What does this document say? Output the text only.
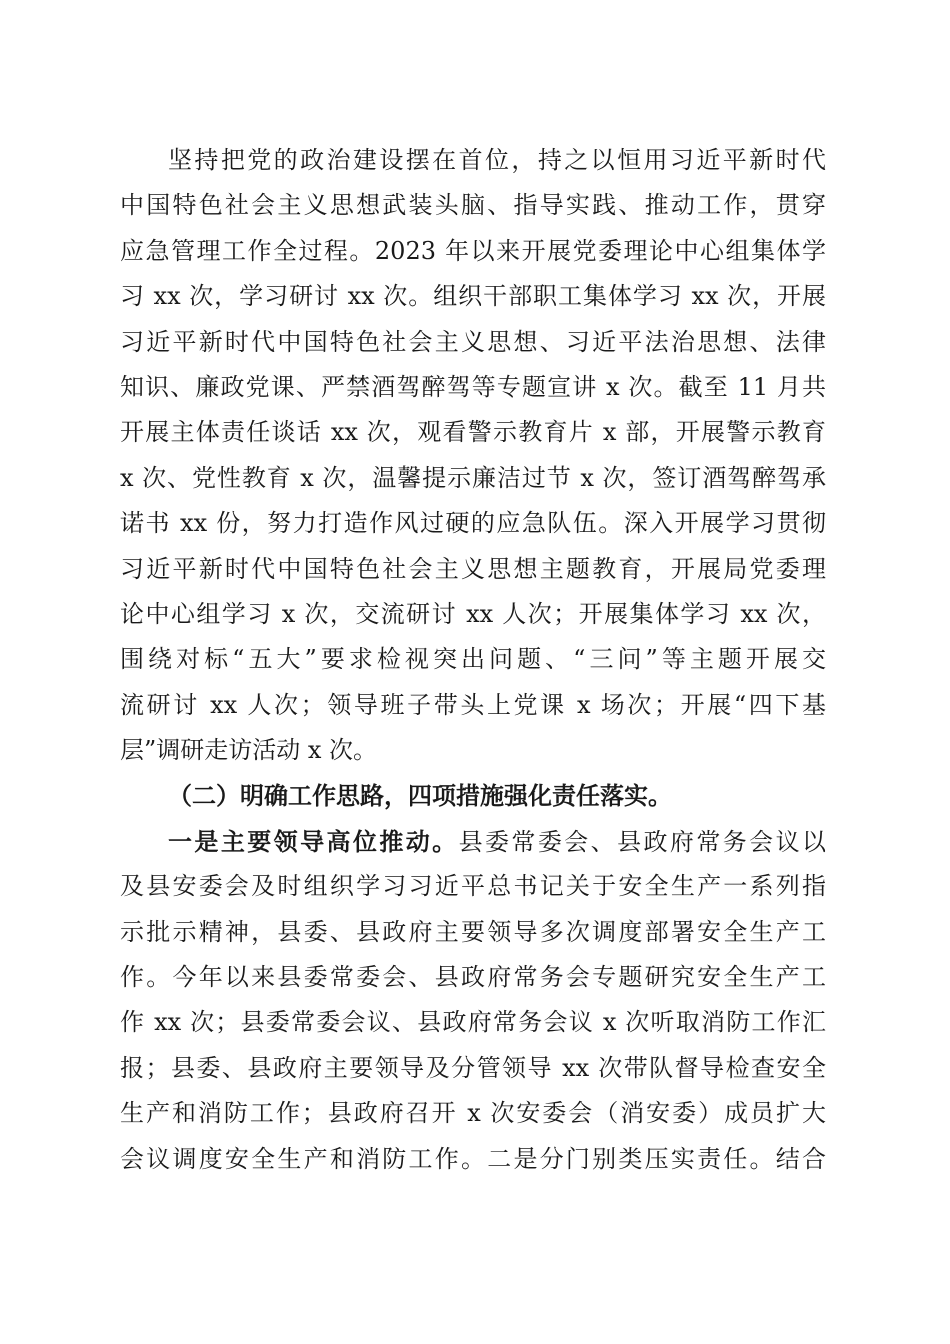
坚持把党的政治建设摆在首位，持之以恒用习近平新时代
中国特色社会主义思想武装头脑、指导实践、推动工作，贯穿
应急管理工作全过程。2023 年以来开展党委理论中心组集体学
习 xx 次，学习研讨 xx 次。组织干部职工集体学习 xx 次，开展
习近平新时代中国特色社会主义思想、习近平法治思想、法律
知识、廉政党课、严禁酒驾醉驾等专题宣讲 x 次。截至 11 月共
开展主体责任谈话 xx 次，观看警示教育片 x 部，开展警示教育
x 次、党性教育 x 次，温馨提示廉洁过节 x 次，签订酒驾醉驾承
诺书 xx 份，努力打造作风过硬的应急队伍。深入开展学习贯彻
习近平新时代中国特色社会主义思想主题教育，开展局党委理
论中心组学习 x 次，交流研讨 xx 人次；开展集体学习 xx 次，
围绕对标“五大”要求检视突出问题、“三问”等主题开展交
流研讨 xx 人次；领导班子带头上党课 x 场次；开展“四下基
层”调研走访活动 x 次。
（二）明确工作思路，四项措施强化责任落实。
一是主要领导高位推动。县委常委会、县政府常务会议以
及县安委会及时组织学习习近平总书记关于安全生产一系列指
示批示精神，县委、县政府主要领导多次调度部署安全生产工
作。今年以来县委常委会、县政府常务会专题研究安全生产工
作 xx 次；县委常委会议、县政府常务会议 x 次听取消防工作汇
报；县委、县政府主要领导及分管领导 xx 次带队督导检查安全
生产和消防工作；县政府召开 x 次安委会（消安委）成员扩大
会议调度安全生产和消防工作。二是分门别类压实责任。结合
